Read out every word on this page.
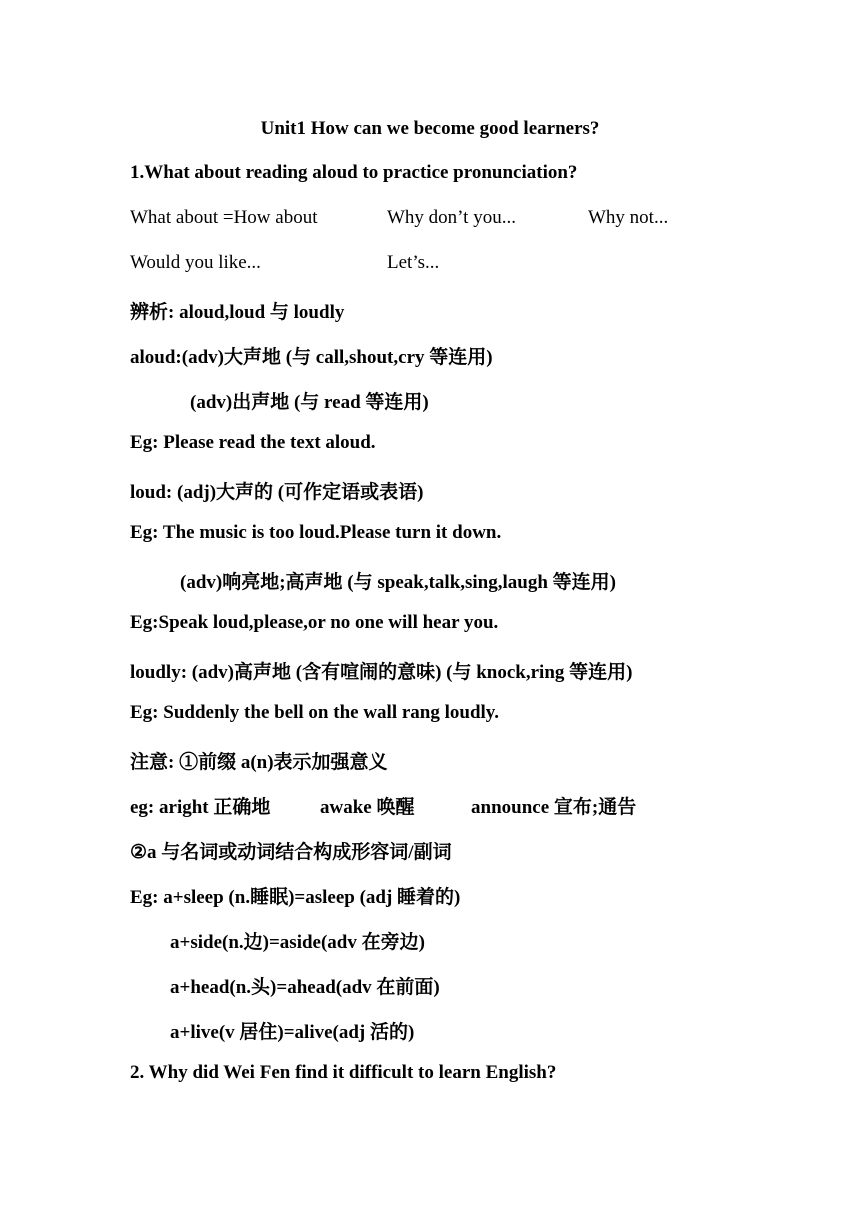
Unit1 How can we become good learners?
1.What about reading aloud to practice pronunciation?
What about =How about	Why don’t you...	Why not...
Would you like...	Let’s...
辨析: aloud,loud 与 loudly
aloud:(adv)大声地 (与 call,shout,cry 等连用)
(adv)出声地 (与 read 等连用)
Eg: Please read the text aloud.
loud: (adj)大声的 (可作定语或表语)
Eg: The music is too loud.Please turn it down.
(adv)响亮地;高声地 (与 speak,talk,sing,laugh 等连用)
Eg:Speak loud,please,or no one will hear you.
loudly: (adv)高声地 (含有喧闹的意味) (与 knock,ring 等连用)
Eg: Suddenly the bell on the wall rang loudly.
注意: ①前缀 a(n)表示加强意义
eg: aright 正确地	awake 唤醒	announce 宣布;通告
②a 与名词或动词结合构成形容词/副词
Eg: a+sleep (n.睡眠)=asleep (adj 睡着的)
a+side(n.边)=aside(adv 在旁边)
a+head(n.头)=ahead(adv 在前面)
a+live(v 居住)=alive(adj 活的)
2. Why did Wei Fen find it difficult to learn English?
